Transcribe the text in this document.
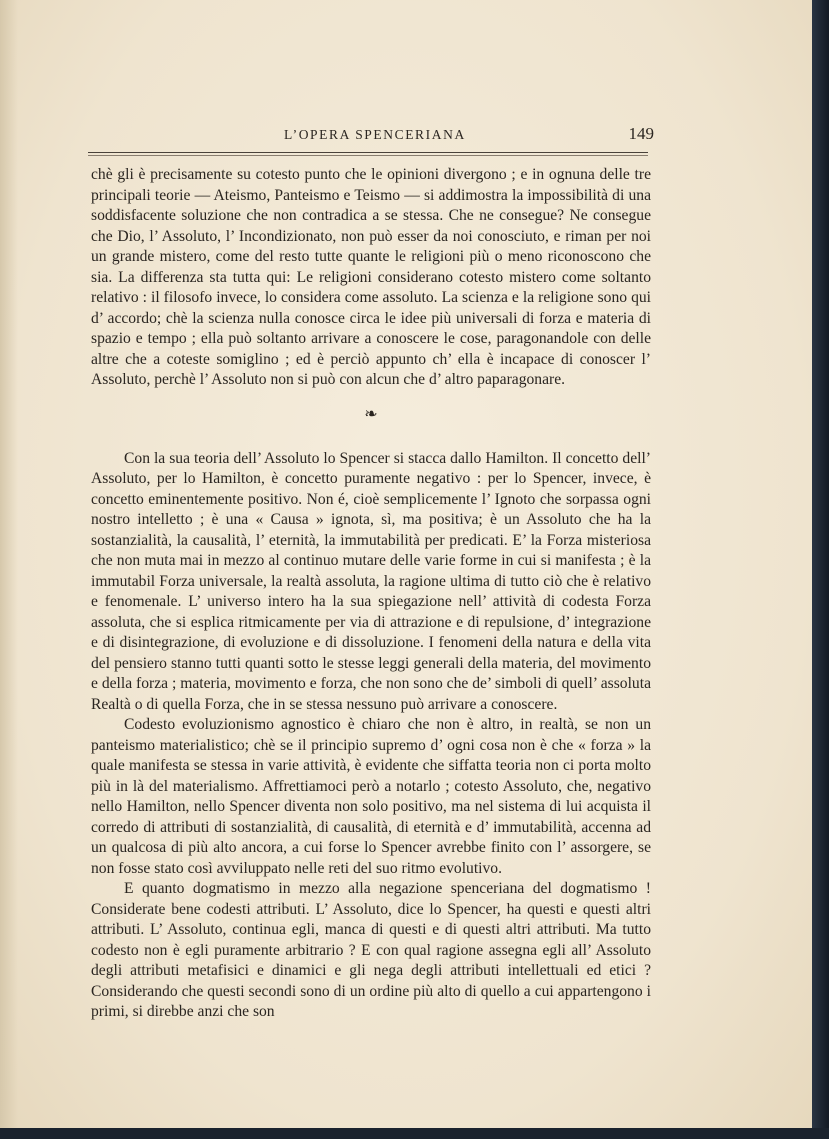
L’OPERA SPENCERIANA	149

chè gli è precisamente su cotesto punto che le opinioni divergono ; e in ognuna delle tre principali teorie — Ateismo, Panteismo e Teismo — si addimostra la impossibilità di una soddisfacente soluzione che non contradica a se stessa. Che ne consegue? Ne consegue che Dio, l’ Assoluto, l’ Incondizionato, non può esser da noi conosciuto, e riman per noi un grande mistero, come del resto tutte quante le religioni più o meno riconoscono che sia. La differenza sta tutta qui: Le religioni considerano cotesto mistero come soltanto relativo : il filosofo invece, lo considera come assoluto. La scienza e la religione sono qui d’ accordo; chè la scienza nulla conosce circa le idee più universali di forza e materia di spazio e tempo ; ella può soltanto arrivare a conoscere le cose, paragonandole con delle altre che a coteste somiglino ; ed è perciò appunto ch’ ella è incapace di conoscer l’ Assoluto, perchè l’ Assoluto non si può con alcun che d’ altro paparagonare.

❧

Con la sua teoria dell’ Assoluto lo Spencer si stacca dallo Hamilton. Il concetto dell’ Assoluto, per lo Hamilton, è concetto puramente negativo : per lo Spencer, invece, è concetto eminentemente positivo. Non é, cioè semplicemente l’ Ignoto che sorpassa ogni nostro intelletto ; è una « Causa » ignota, sì, ma positiva; è un Assoluto che ha la sostanzialità, la causalità, l’ eternità, la immutabilità per predicati. E’ la Forza misteriosa che non muta mai in mezzo al continuo mutare delle varie forme in cui si manifesta ; è la immutabil Forza universale, la realtà assoluta, la ragione ultima di tutto ciò che è relativo e fenomenale. L’ universo intero ha la sua spiegazione nell’ attività di codesta Forza assoluta, che si esplica ritmicamente per via di attrazione e di repulsione, d’ integrazione e di disintegrazione, di evoluzione e di dissoluzione. I fenomeni della natura e della vita del pensiero stanno tutti quanti sotto le stesse leggi generali della materia, del movimento e della forza ; materia, movimento e forza, che non sono che de’ simboli di quell’ assoluta Realtà o di quella Forza, che in se stessa nessuno può arrivare a conoscere.

Codesto evoluzionismo agnostico è chiaro che non è altro, in realtà, se non un panteismo materialistico; chè se il principio supremo d’ ogni cosa non è che « forza » la quale manifesta se stessa in varie attività, è evidente che siffatta teoria non ci porta molto più in là del materialismo. Affrettiamoci però a notarlo ; cotesto Assoluto, che, negativo nello Hamilton, nello Spencer diventa non solo positivo, ma nel sistema di lui acquista il corredo di attributi di sostanzialità, di causalità, di eternità e d’ immutabilità, accenna ad un qualcosa di più alto ancora, a cui forse lo Spencer avrebbe finito con l’ assorgere, se non fosse stato così avviluppato nelle reti del suo ritmo evolutivo.

E quanto dogmatismo in mezzo alla negazione spenceriana del dogmatismo ! Considerate bene codesti attributi. L’ Assoluto, dice lo Spencer, ha questi e questi altri attributi. L’ Assoluto, continua egli, manca di questi e di questi altri attributi. Ma tutto codesto non è egli puramente arbitrario ? E con qual ragione assegna egli all’ Assoluto degli attributi metafisici e dinamici e gli nega degli attributi intellettuali ed etici ? Considerando che questi secondi sono di un ordine più alto di quello a cui appartengono i primi, si direbbe anzi che son
